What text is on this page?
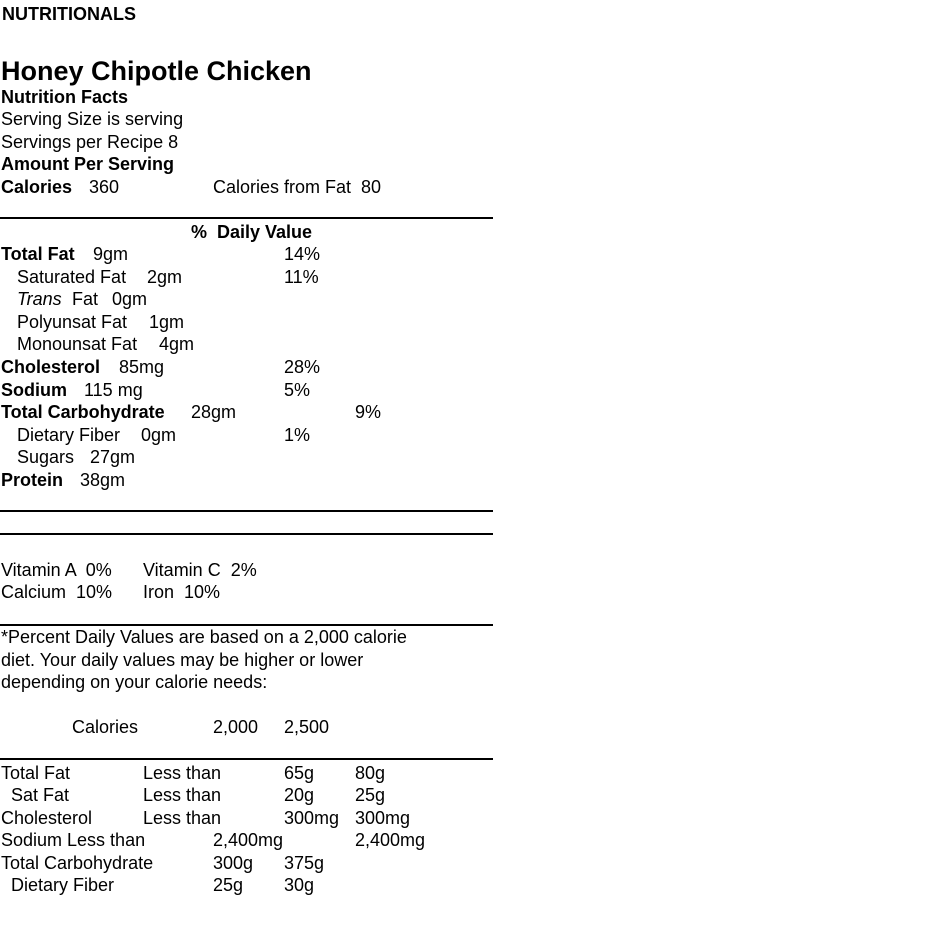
NUTRITIONALS
Honey Chipotle Chicken
Nutrition Facts
Serving Size is serving
Servings per Recipe 8
Amount Per Serving
Calories 360	Calories from Fat  80
%  Daily Value
Total Fat 9gm	14%
Saturated Fat 2gm	11%
Trans Fat 0gm
Polyunsat Fat 1gm
Monounsat Fat 4gm
Cholesterol 85mg	28%
Sodium 115 mg	5%
Total Carbohydrate 28gm	9%
Dietary Fiber 0gm	1%
Sugars 27gm
Protein 38gm
Vitamin A  0% Vitamin C  2%
Calcium  10% Iron  10%
*Percent Daily Values are based on a 2,000 calorie
diet. Your daily values may be higher or lower
depending on your calorie needs:
Calories	2,000 2,500
Total Fat	Less than	65g 80g
Sat Fat	Less than	20g 25g
Cholesterol	Less than	300mg 300mg
Sodium Less than	2,400mg	2,400mg
Total Carbohydrate	300g 375g
Dietary Fiber	25g 30g
